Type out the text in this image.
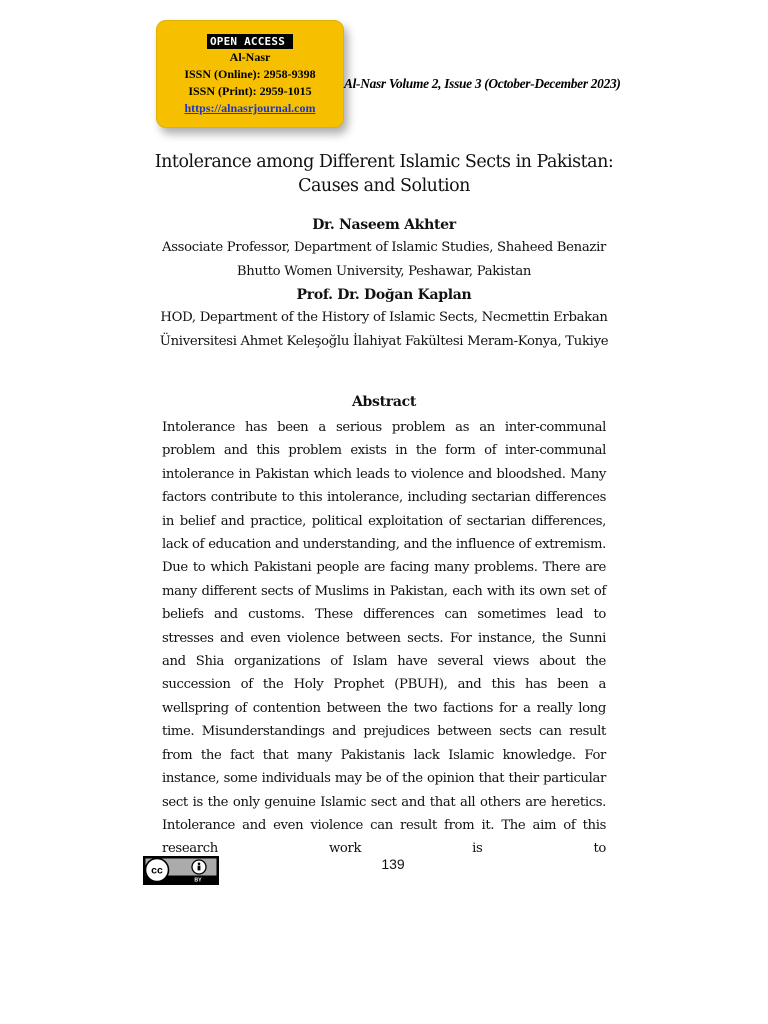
OPEN ACCESS
Al-Nasr
ISSN (Online): 2958-9398
ISSN (Print): 2959-1015
https://alnasrjournal.com
Al-Nasr Volume 2, Issue 3 (October-December 2023)
Intolerance among Different Islamic Sects in Pakistan: Causes and Solution
Dr. Naseem Akhter
Associate Professor, Department of Islamic Studies, Shaheed Benazir Bhutto Women University, Peshawar, Pakistan
Prof. Dr. Doğan Kaplan
HOD, Department of the History of Islamic Sects, Necmettin Erbakan Üniversitesi Ahmet Keleşoğlu İlahiyat Fakültesi Meram-Konya, Tukiye
Abstract
Intolerance has been a serious problem as an inter-communal problem and this problem exists in the form of inter-communal intolerance in Pakistan which leads to violence and bloodshed. Many factors contribute to this intolerance, including sectarian differences in belief and practice, political exploitation of sectarian differences, lack of education and understanding, and the influence of extremism. Due to which Pakistani people are facing many problems. There are many different sects of Muslims in Pakistan, each with its own set of beliefs and customs. These differences can sometimes lead to stresses and even violence between sects. For instance, the Sunni and Shia organizations of Islam have several views about the succession of the Holy Prophet (PBUH), and this has been a wellspring of contention between the two factions for a really long time. Misunderstandings and prejudices between sects can result from the fact that many Pakistanis lack Islamic knowledge. For instance, some individuals may be of the opinion that their particular sect is the only genuine Islamic sect and that all others are heretics. Intolerance and even violence can result from it. The aim of this research work is to
cc
BY
139
